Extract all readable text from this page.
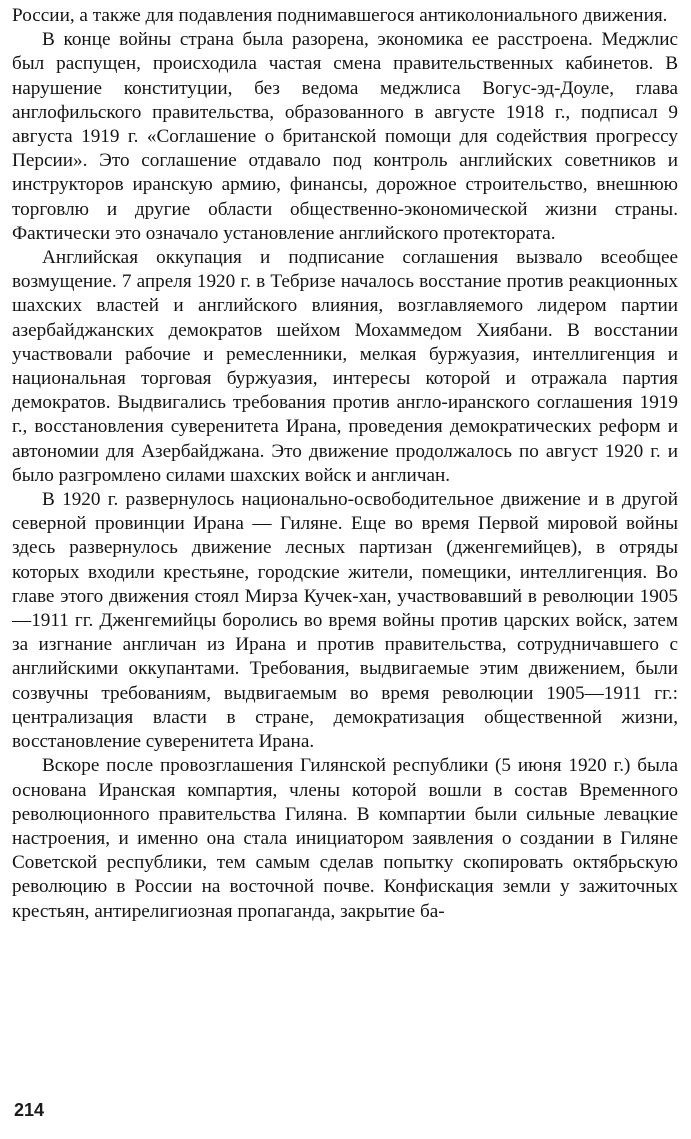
России, а также для подавления поднимавшегося антиколониального движения.

В конце войны страна была разорена, экономика ее расстроена. Меджлис был распущен, происходила частая смена правительственных кабинетов. В нарушение конституции, без ведома меджлиса Вогус-эд-Доуле, глава англофильского правительства, образованного в августе 1918 г., подписал 9 августа 1919 г. «Соглашение о британской помощи для содействия прогрессу Персии». Это соглашение отдавало под контроль английских советников и инструкторов иранскую армию, финансы, дорожное строительство, внешнюю торговлю и другие области общественно-экономической жизни страны. Фактически это означало установление английского протектората.

Английская оккупация и подписание соглашения вызвало всеобщее возмущение. 7 апреля 1920 г. в Тебризе началось восстание против реакционных шахских властей и английского влияния, возглавляемого лидером партии азербайджанских демократов шейхом Мохаммедом Хиябани. В восстании участвовали рабочие и ремесленники, мелкая буржуазия, интеллигенция и национальная торговая буржуазия, интересы которой и отражала партия демократов. Выдвигались требования против англо-иранского соглашения 1919 г., восстановления суверенитета Ирана, проведения демократических реформ и автономии для Азербайджана. Это движение продолжалось по август 1920 г. и было разгромлено силами шахских войск и англичан.

В 1920 г. развернулось национально-освободительное движение и в другой северной провинции Ирана — Гиляне. Еще во время Первой мировой войны здесь развернулось движение лесных партизан (дженгемийцев), в отряды которых входили крестьяне, городские жители, помещики, интеллигенция. Во главе этого движения стоял Мирза Кучек-хан, участвовавший в революции 1905—1911 гг. Дженгемийцы боролись во время войны против царских войск, затем за изгнание англичан из Ирана и против правительства, сотрудничавшего с английскими оккупантами. Требования, выдвигаемые этим движением, были созвучны требованиям, выдвигаемым во время революции 1905—1911 гг.: централизация власти в стране, демократизация общественной жизни, восстановление суверенитета Ирана.

Вскоре после провозглашения Гилянской республики (5 июня 1920 г.) была основана Иранская компартия, члены которой вошли в состав Временного революционного правительства Гиляна. В компартии были сильные левацкие настроения, и именно она стала инициатором заявления о создании в Гиляне Советской республики, тем самым сделав попытку скопировать октябрьскую революцию в России на восточной почве. Конфискация земли у зажиточных крестьян, антирелигиозная пропаганда, закрытие ба-

214
